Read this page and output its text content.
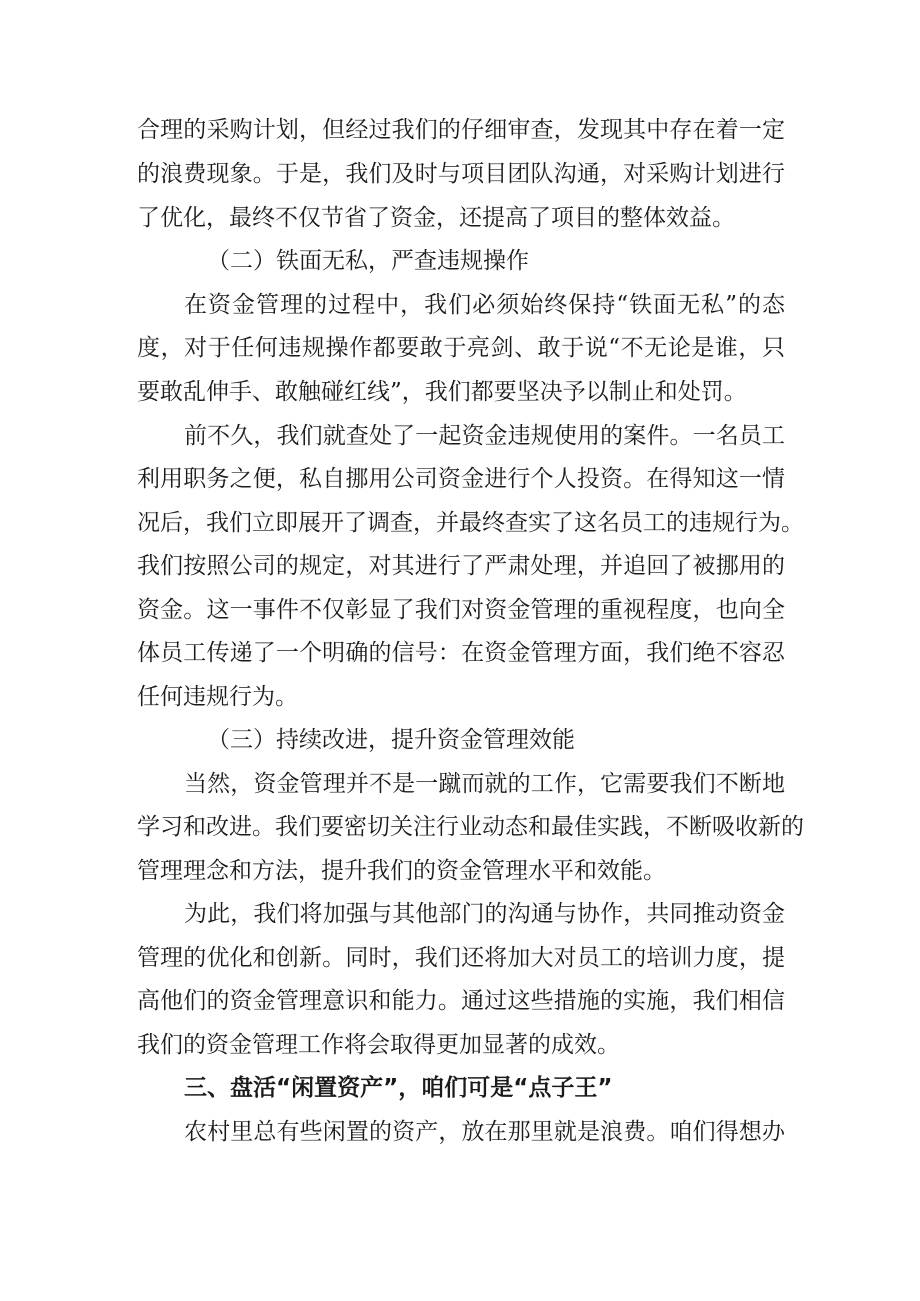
合理的采购计划，但经过我们的仔细审查，发现其中存在着一定
的浪费现象。于是，我们及时与项目团队沟通，对采购计划进行
了优化，最终不仅节省了资金，还提高了项目的整体效益。
（二）铁面无私，严查违规操作
在资金管理的过程中，我们必须始终保持“铁面无私”的态
度，对于任何违规操作都要敢于亮剑、敢于说“不无论是谁，只
要敢乱伸手、敢触碰红线”，我们都要坚决予以制止和处罚。
前不久，我们就查处了一起资金违规使用的案件。一名员工
利用职务之便，私自挪用公司资金进行个人投资。在得知这一情
况后，我们立即展开了调查，并最终查实了这名员工的违规行为。
我们按照公司的规定，对其进行了严肃处理，并追回了被挪用的
资金。这一事件不仅彰显了我们对资金管理的重视程度，也向全
体员工传递了一个明确的信号：在资金管理方面，我们绝不容忍
任何违规行为。
（三）持续改进，提升资金管理效能
当然，资金管理并不是一蹴而就的工作，它需要我们不断地
学习和改进。我们要密切关注行业动态和最佳实践，不断吸收新的
管理理念和方法，提升我们的资金管理水平和效能。
为此，我们将加强与其他部门的沟通与协作，共同推动资金
管理的优化和创新。同时，我们还将加大对员工的培训力度，提
高他们的资金管理意识和能力。通过这些措施的实施，我们相信
我们的资金管理工作将会取得更加显著的成效。
三、盘活“闲置资产”，咱们可是“点子王”
农村里总有些闲置的资产，放在那里就是浪费。咱们得想办
